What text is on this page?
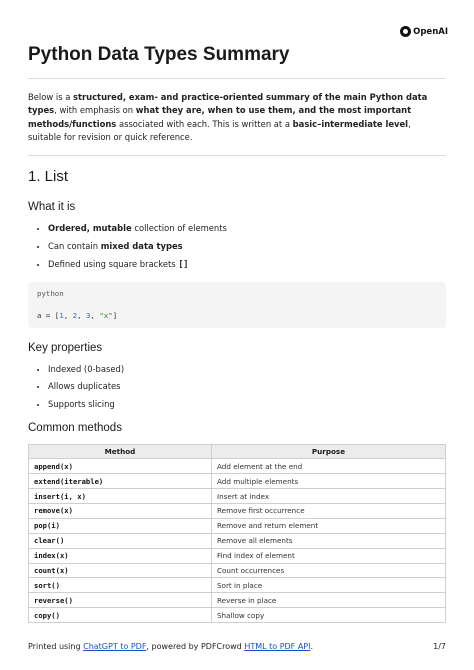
OpenAI
Python Data Types Summary

Below is a structured, exam- and practice-oriented summary of the main Python data types, with emphasis on what they are, when to use them, and the most important methods/functions associated with each. This is written at a basic–intermediate level, suitable for revision or quick reference.

1. List
What it is
• Ordered, mutable collection of elements
• Can contain mixed data types
• Defined using square brackets []
python
a = [1, 2, 3, "x"]
Key properties
• Indexed (0-based)
• Allows duplicates
• Supports slicing
Common methods
Method	Purpose
append(x)	Add element at the end
extend(iterable)	Add multiple elements
insert(i, x)	Insert at index
remove(x)	Remove first occurrence
pop(i)	Remove and return element
clear()	Remove all elements
index(x)	Find index of element
count(x)	Count occurrences
sort()	Sort in place
reverse()	Reverse in place
copy()	Shallow copy
Printed using ChatGPT to PDF, powered by PDFCrowd HTML to PDF API.	1/7
